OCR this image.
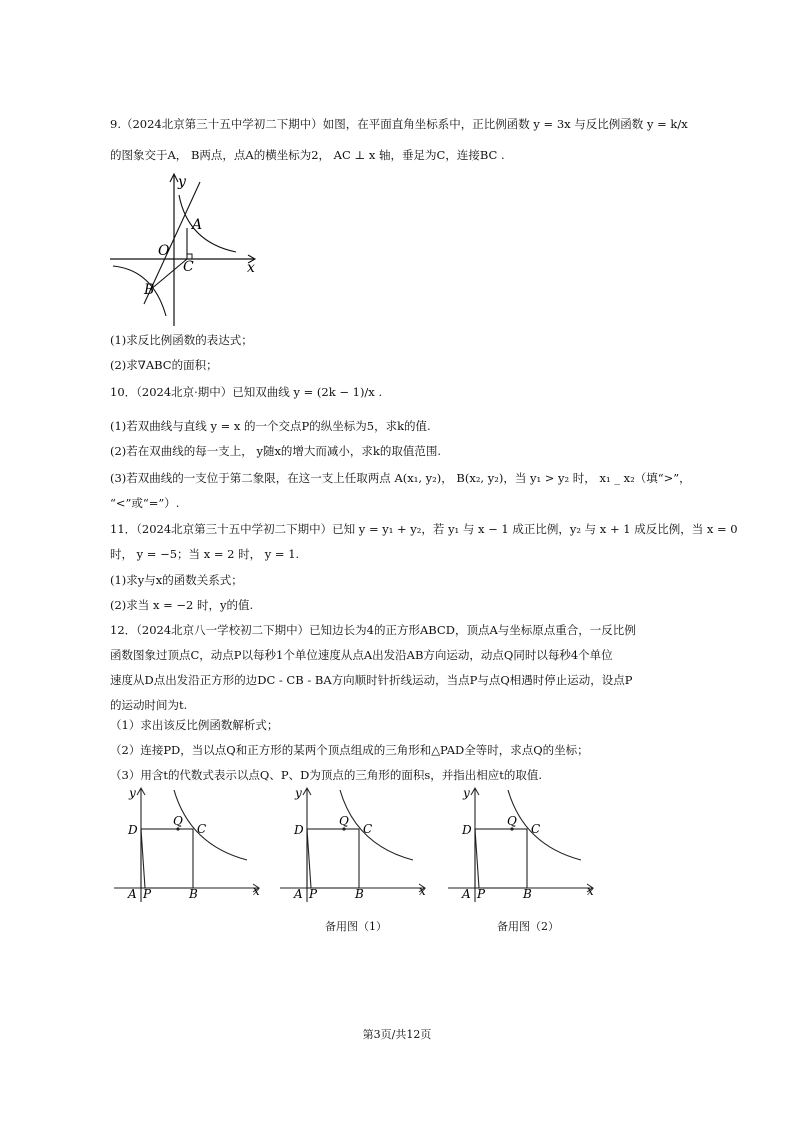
9.（2024北京第三十五中学初二下期中）如图，在平面直角坐标系中，正比例函数 y = 3x 与反比例函数 y = k/x
的图象交于A， B两点，点A的横坐标为2， AC ⊥ x 轴，垂足为C，连接BC .
y
x
O
A
B
C
(1)求反比例函数的表达式；
(2)求∇ABC的面积；
10．（2024北京·期中）已知双曲线 y = (2k − 1)/x .
(1)若双曲线与直线 y = x 的一个交点P的纵坐标为5，求k的值.
(2)若在双曲线的每一支上， y随x的增大而减小，求k的取值范围.
(3)若双曲线的一支位于第二象限，在这一支上任取两点 A(x₁, y₂)， B(x₂, y₂)，当 y₁ > y₂ 时， x₁ _ x₂（填“>”，
“<”或“=”）.
11．（2024北京第三十五中学初二下期中）已知 y = y₁ + y₂，若 y₁ 与 x − 1 成正比例，y₂ 与 x + 1 成反比例，当 x = 0
时， y = −5；当 x = 2 时， y = 1.
(1)求y与x的函数关系式；
(2)求当 x = −2 时，y的值.
12．（2024北京八一学校初二下期中）已知边长为4的正方形ABCD，顶点A与坐标原点重合，一反比例
函数图象过顶点C，动点P以每秒1个单位速度从点A出发沿AB方向运动，动点Q同时以每秒4个单位
速度从D点出发沿正方形的边DC - CB - BA方向顺时针折线运动，当点P与点Q相遇时停止运动，设点P
的运动时间为t.
（1）求出该反比例函数解析式；
（2）连接PD，当以点Q和正方形的某两个顶点组成的三角形和△PAD全等时，求点Q的坐标；
（3）用含t的代数式表示以点Q、P、D为顶点的三角形的面积s，并指出相应t的取值.
y
x
D	C
Q
A P	B
y
x
D	C
Q
A P	B
备用图（1）
y
x
D	C
Q
A P	B
备用图（2）
第3页/共12页
